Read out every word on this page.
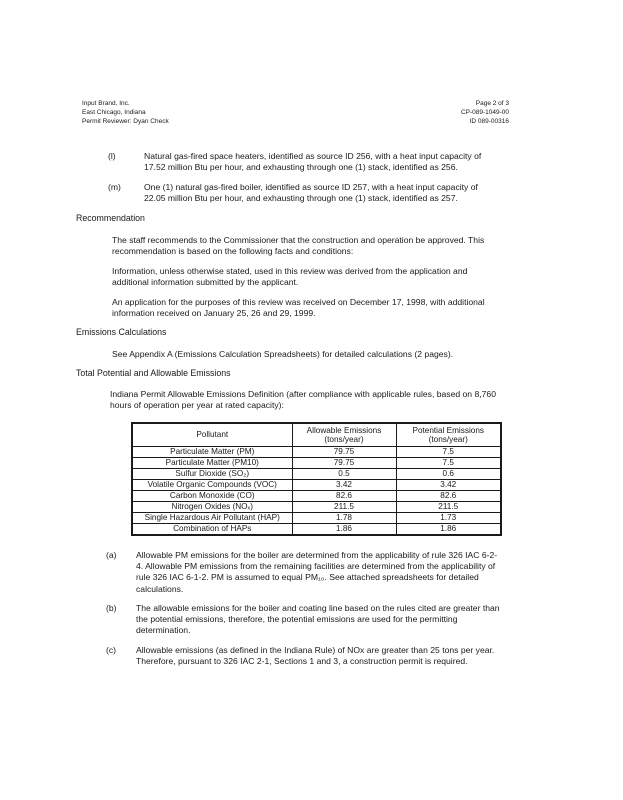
Input Brand, Inc.
East Chicago, Indiana
Permit Reviewer: Dyan Check
Page 2 of 3
CP-089-1049-00
ID 089-00316
(l)	Natural gas-fired space heaters, identified as source ID 256, with a heat input capacity of 17.52 million Btu per hour, and exhausting through one (1) stack, identified as 256.
(m)	One (1) natural gas-fired boiler, identified as source ID 257, with a heat input capacity of 22.05 million Btu per hour, and exhausting through one (1) stack, identified as 257.
Recommendation
The staff recommends to the Commissioner that the construction and operation be approved. This recommendation is based on the following facts and conditions:
Information, unless otherwise stated, used in this review was derived from the application and additional information submitted by the applicant.
An application for the purposes of this review was received on December 17, 1998, with additional information received on January 25, 26 and 29, 1999.
Emissions Calculations
See Appendix A (Emissions Calculation Spreadsheets) for detailed calculations (2 pages).
Total Potential and Allowable Emissions
Indiana Permit Allowable Emissions Definition (after compliance with applicable rules, based on 8,760 hours of operation per year at rated capacity):
Pollutant	Allowable Emissions (tons/year)	Potential Emissions (tons/year)
Particulate Matter (PM)	79.75	7.5
Particulate Matter (PM10)	79.75	7.5
Sulfur Dioxide (SO₂)	0.5	0.6
Volatile Organic Compounds (VOC)	3.42	3.42
Carbon Monoxide (CO)	82.6	82.6
Nitrogen Oxides (NOₓ)	211.5	211.5
Single Hazardous Air Pollutant (HAP)	1.78	1.73
Combination of HAPs	1.86	1.86
(a) Allowable PM emissions for the boiler are determined from the applicability of rule 326 IAC 6-2-4. Allowable PM emissions from the remaining facilities are determined from the applicability of rule 326 IAC 6-1-2. PM is assumed to equal PM₁₀. See attached spreadsheets for detailed calculations.
(b) The allowable emissions for the boiler and coating line based on the rules cited are greater than the potential emissions, therefore, the potential emissions are used for the permitting determination.
(c) Allowable emissions (as defined in the Indiana Rule) of NOx are greater than 25 tons per year. Therefore, pursuant to 326 IAC 2-1, Sections 1 and 3, a construction permit is required.
